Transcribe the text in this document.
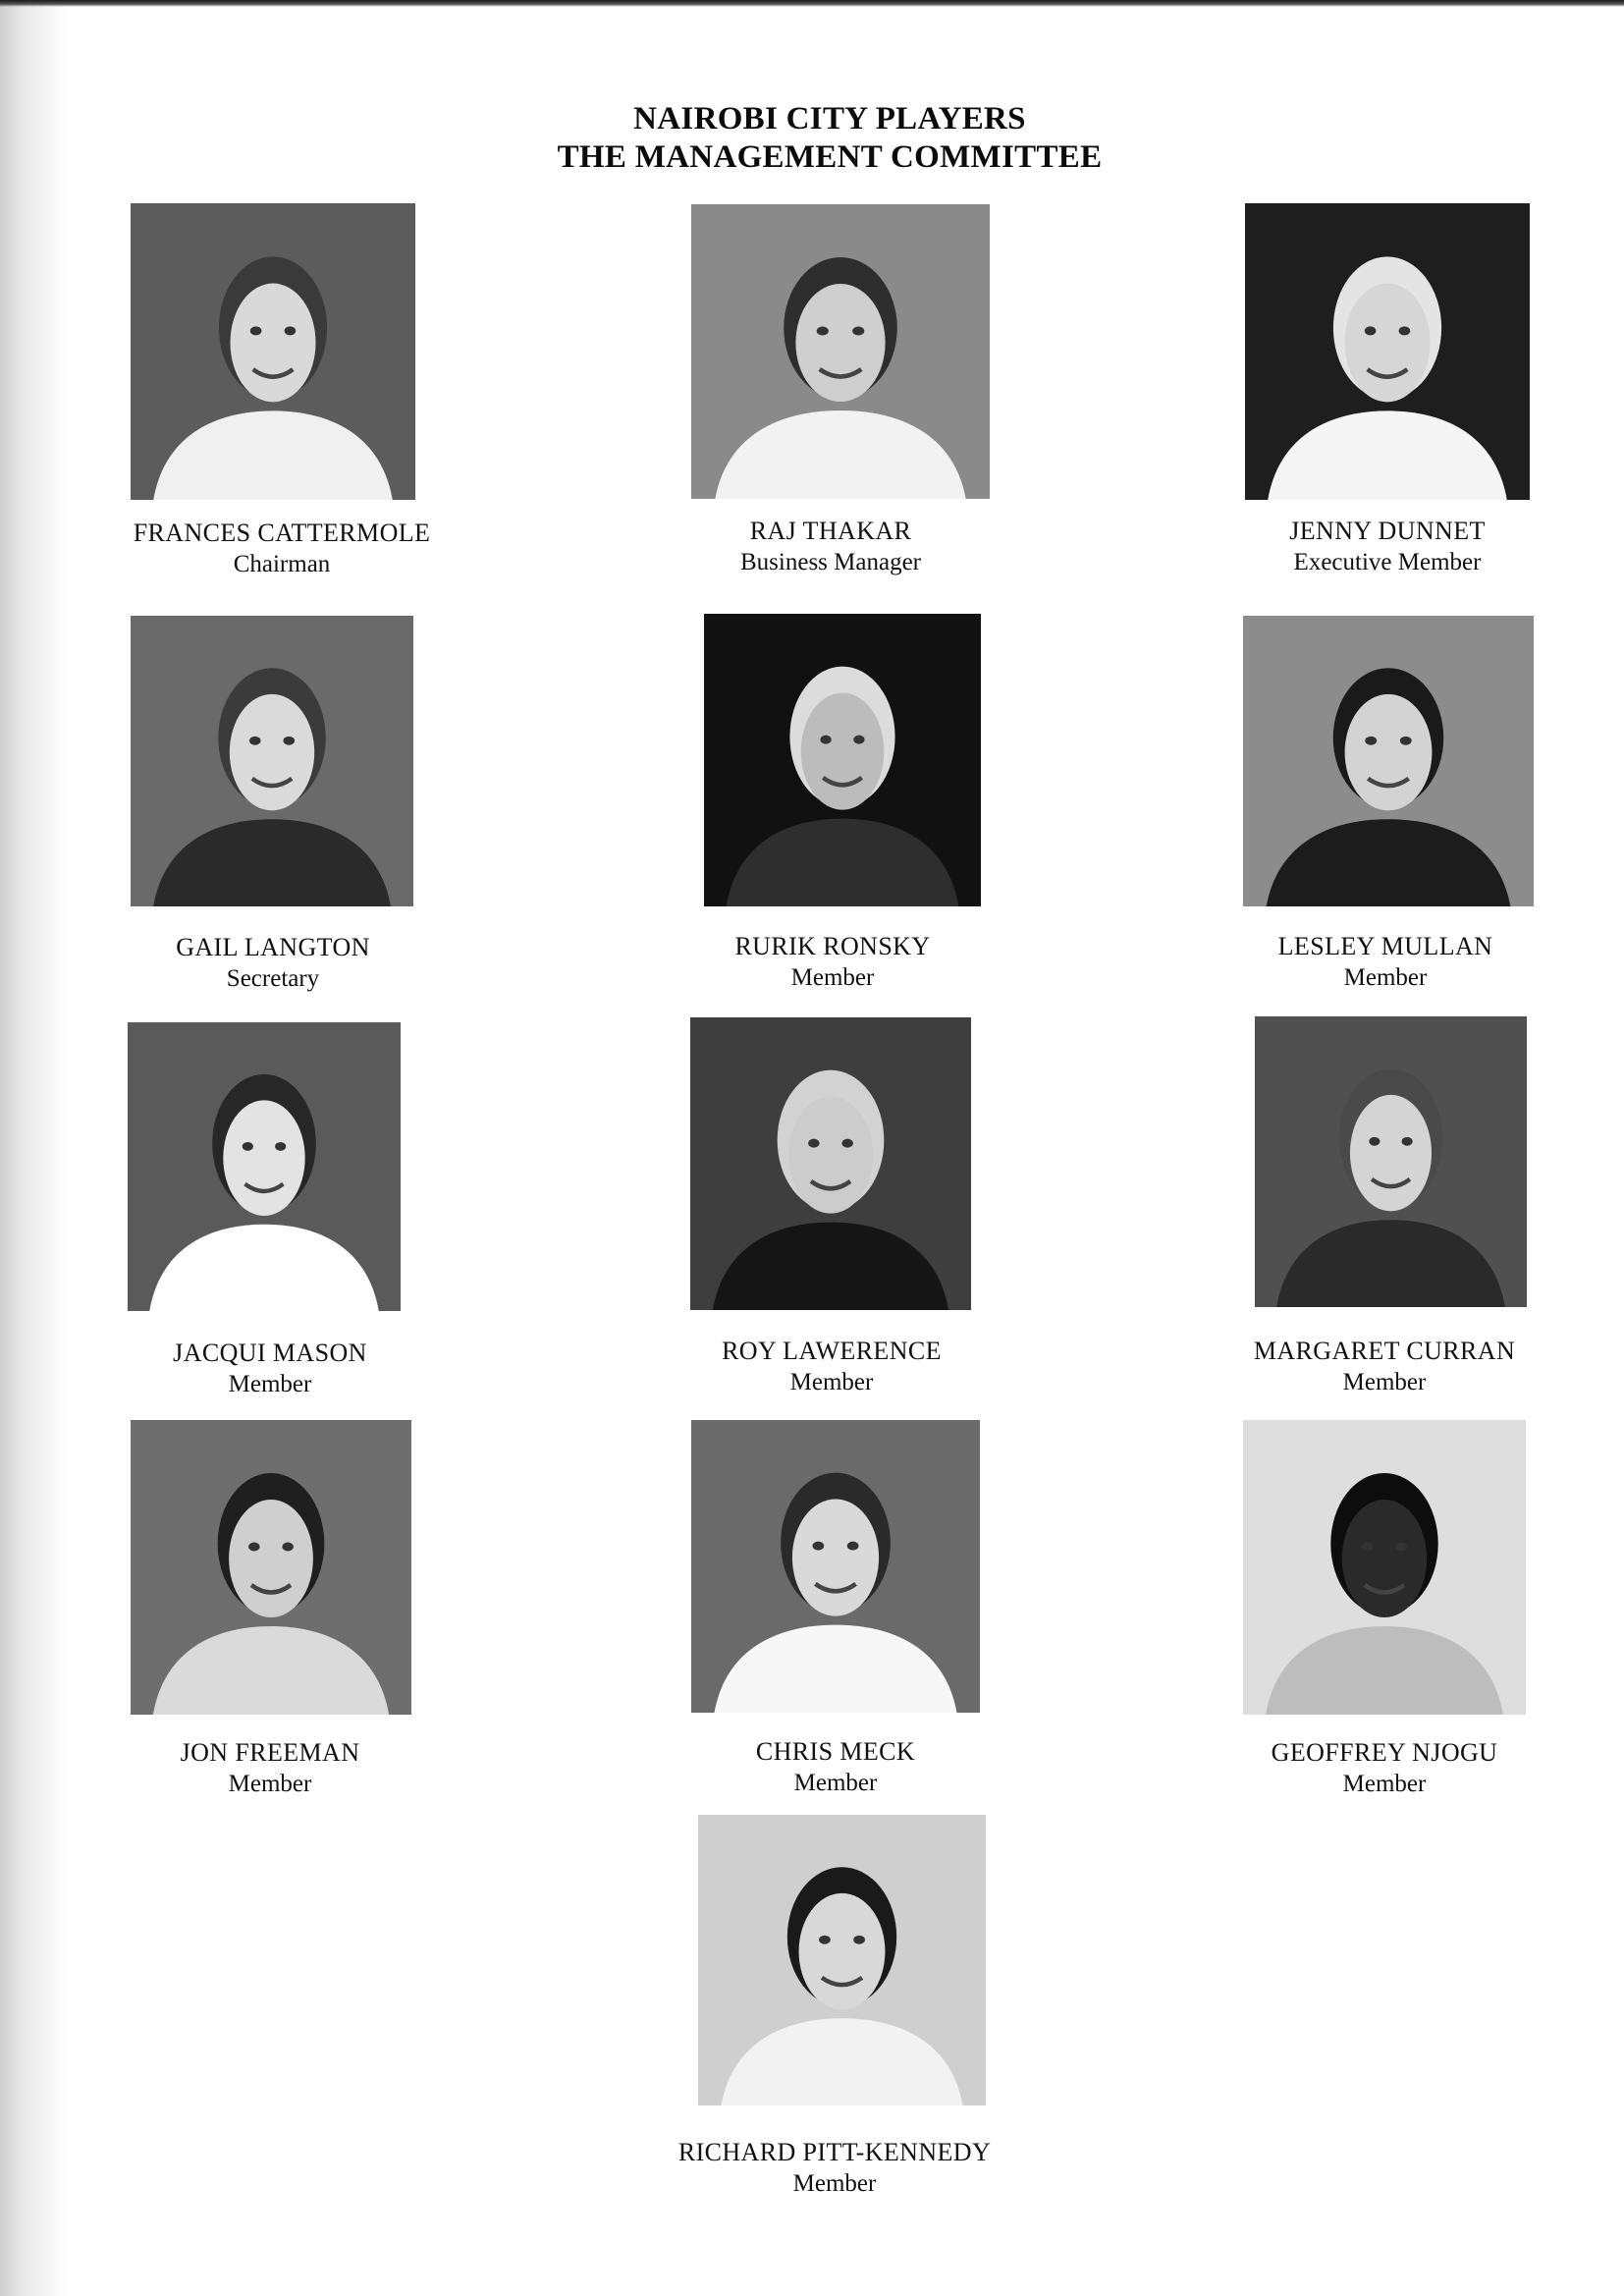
NAIROBI CITY PLAYERS
THE MANAGEMENT COMMITTEE
FRANCES CATTERMOLE
Chairman
RAJ THAKAR
Business Manager
JENNY DUNNET
Executive Member
GAIL LANGTON
Secretary
RURIK RONSKY
Member
LESLEY MULLAN
Member
JACQUI MASON
Member
ROY LAWERENCE
Member
MARGARET CURRAN
Member
JON FREEMAN
Member
CHRIS MECK
Member
GEOFFREY NJOGU
Member
RICHARD PITT-KENNEDY
Member
